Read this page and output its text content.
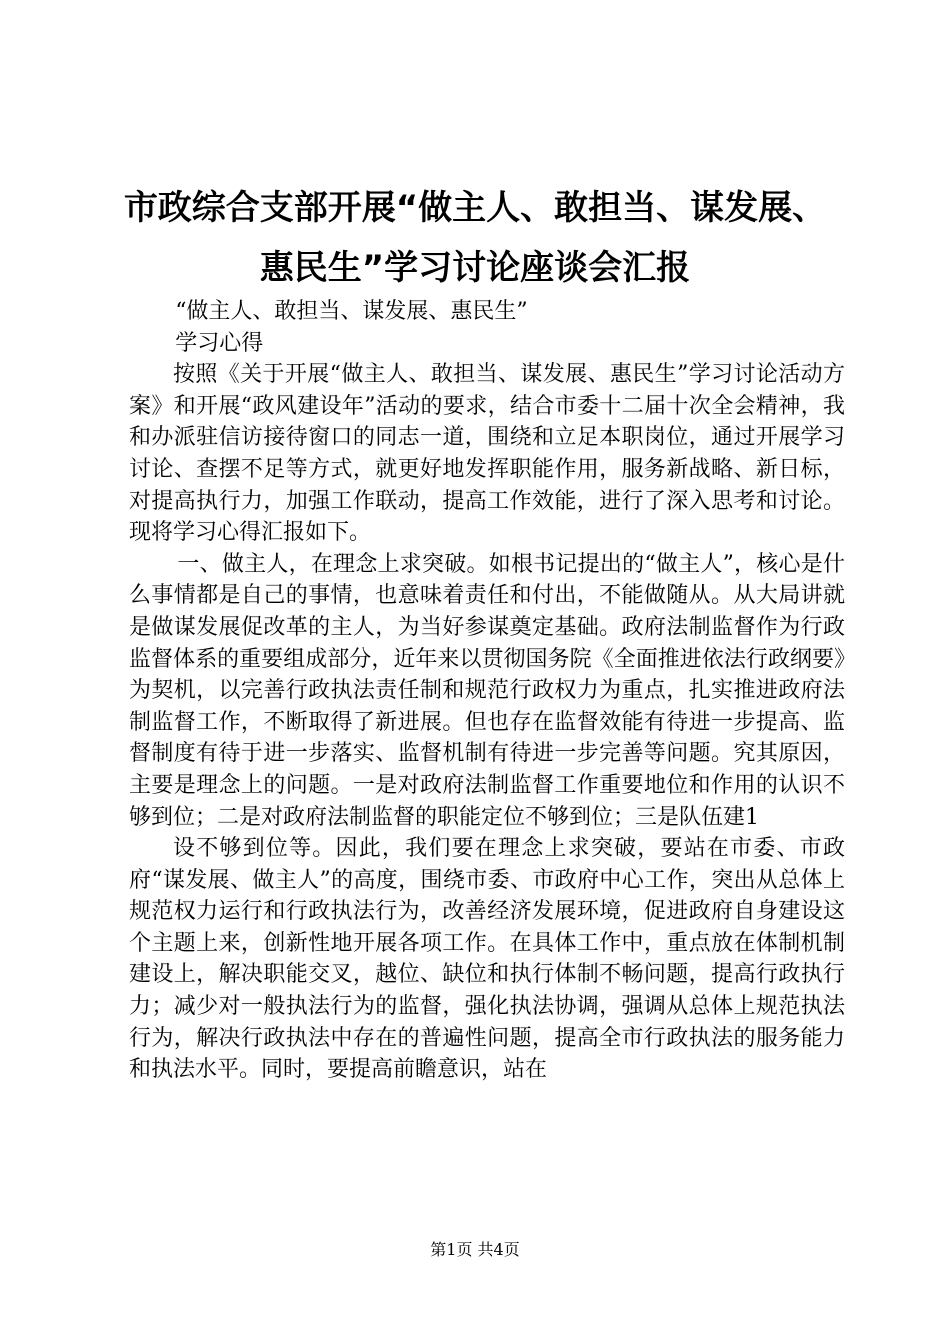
市政综合支部开展“做主人、敢担当、谋发展、
惠民生”学习讨论座谈会汇报

“做主人、敢担当、谋发展、惠民生”

学习心得

按照《关于开展“做主人、敢担当、谋发展、惠民生”学习讨论活动方案》和开展“政风建设年”活动的要求，结合市委十二届十次全会精神，我和办派驻信访接待窗口的同志一道，围绕和立足本职岗位，通过开展学习讨论、查摆不足等方式，就更好地发挥职能作用，服务新战略、新日标，对提高执行力，加强工作联动，提高工作效能，进行了深入思考和讨论。现将学习心得汇报如下。

一、做主人，在理念上求突破。如根书记提出的“做主人”，核心是什么事情都是自己的事情，也意味着责任和付出，不能做随从。从大局讲就是做谋发展促改革的主人，为当好参谋奠定基础。政府法制监督作为行政监督体系的重要组成部分，近年来以贯彻国务院《全面推进依法行政纲要》为契机，以完善行政执法责任制和规范行政权力为重点，扎实推进政府法制监督工作，不断取得了新进展。但也存在监督效能有待进一步提高、监督制度有待于进一步落实、监督机制有待进一步完善等问题。究其原因，主要是理念上的问题。一是对政府法制监督工作重要地位和作用的认识不够到位；二是对政府法制监督的职能定位不够到位；三是队伍建1

设不够到位等。因此，我们要在理念上求突破，要站在市委、市政府“谋发展、做主人”的高度，围绕市委、市政府中心工作，突出从总体上规范权力运行和行政执法行为，改善经济发展环境，促进政府自身建设这个主题上来，创新性地开展各项工作。在具体工作中，重点放在体制机制建设上，解决职能交叉，越位、缺位和执行体制不畅问题，提高行政执行力；减少对一般执法行为的监督，强化执法协调，强调从总体上规范执法行为，解决行政执法中存在的普遍性问题，提高全市行政执法的服务能力和执法水平。同时，要提高前瞻意识，站在

第1页 共4页
